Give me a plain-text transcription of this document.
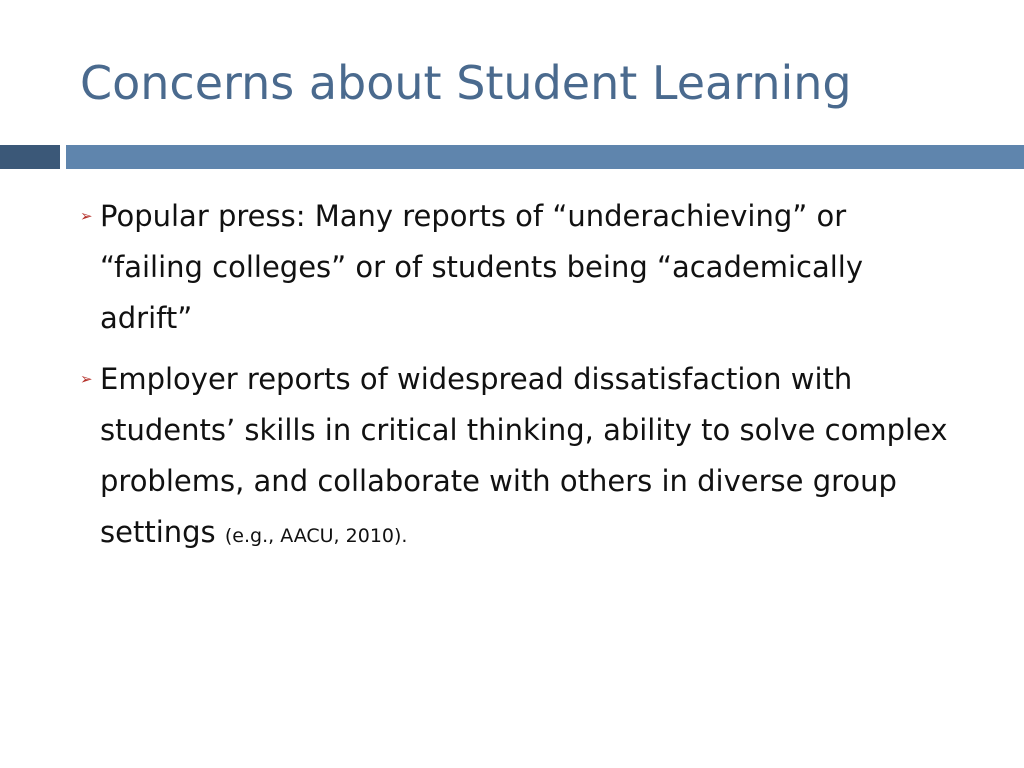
Concerns about Student Learning
➢ Popular press: Many reports of “underachieving” or “failing colleges” or of students being “academically adrift”
➢ Employer reports of widespread dissatisfaction with students’ skills in critical thinking, ability to solve complex problems, and collaborate with others in diverse group settings (e.g., AACU, 2010).
